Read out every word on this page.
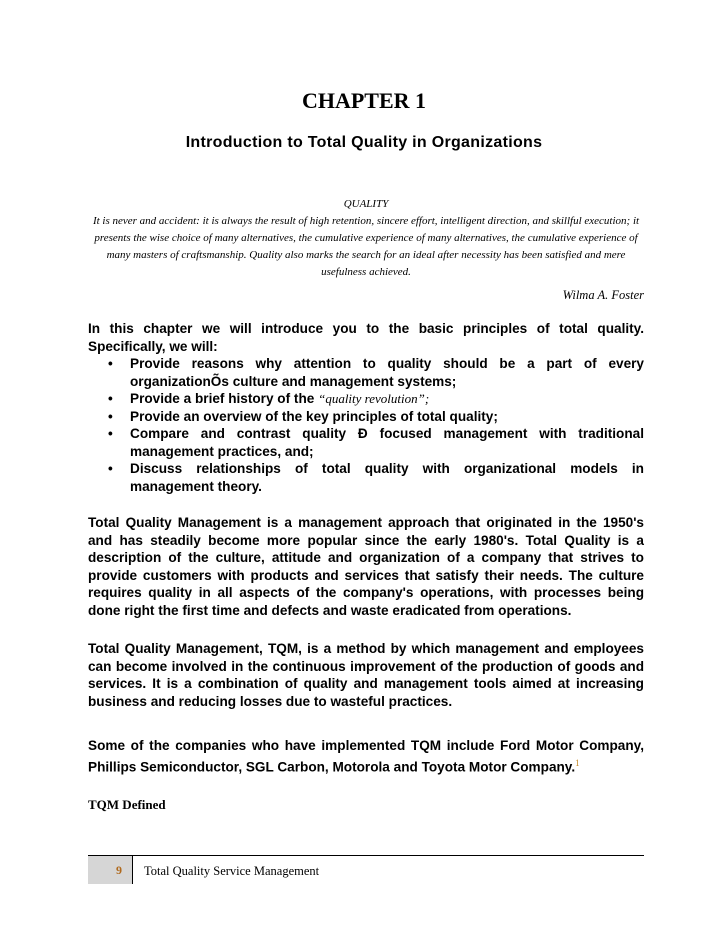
CHAPTER 1
Introduction to Total Quality in Organizations
QUALITY
It is never and accident: it is always the result of high retention, sincere effort, intelligent direction, and skillful execution; it presents the wise choice of many alternatives, the cumulative experience of many alternatives, the cumulative experience of many masters of craftsmanship. Quality also marks the search for an ideal after necessity has been satisfied and mere usefulness achieved.
Wilma A. Foster
In this chapter we will introduce you to the basic principles of total quality. Specifically, we will:
• Provide reasons why attention to quality should be a part of every organizationÕs culture and management systems;
• Provide a brief history of the “quality revolution”;
• Provide an overview of the key principles of total quality;
• Compare and contrast quality Ð focused management with traditional management practices, and;
• Discuss relationships of total quality with organizational models in management theory.
Total Quality Management is a management approach that originated in the 1950's and has steadily become more popular since the early 1980's. Total Quality is a description of the culture, attitude and organization of a company that strives to provide customers with products and services that satisfy their needs. The culture requires quality in all aspects of the company's operations, with processes being done right the first time and defects and waste eradicated from operations.
Total Quality Management, TQM, is a method by which management and employees can become involved in the continuous improvement of the production of goods and services. It is a combination of quality and management tools aimed at increasing business and reducing losses due to wasteful practices.
Some of the companies who have implemented TQM include Ford Motor Company, Phillips Semiconductor, SGL Carbon, Motorola and Toyota Motor Company.$^1$
TQM Defined
9 Total Quality Service Management
